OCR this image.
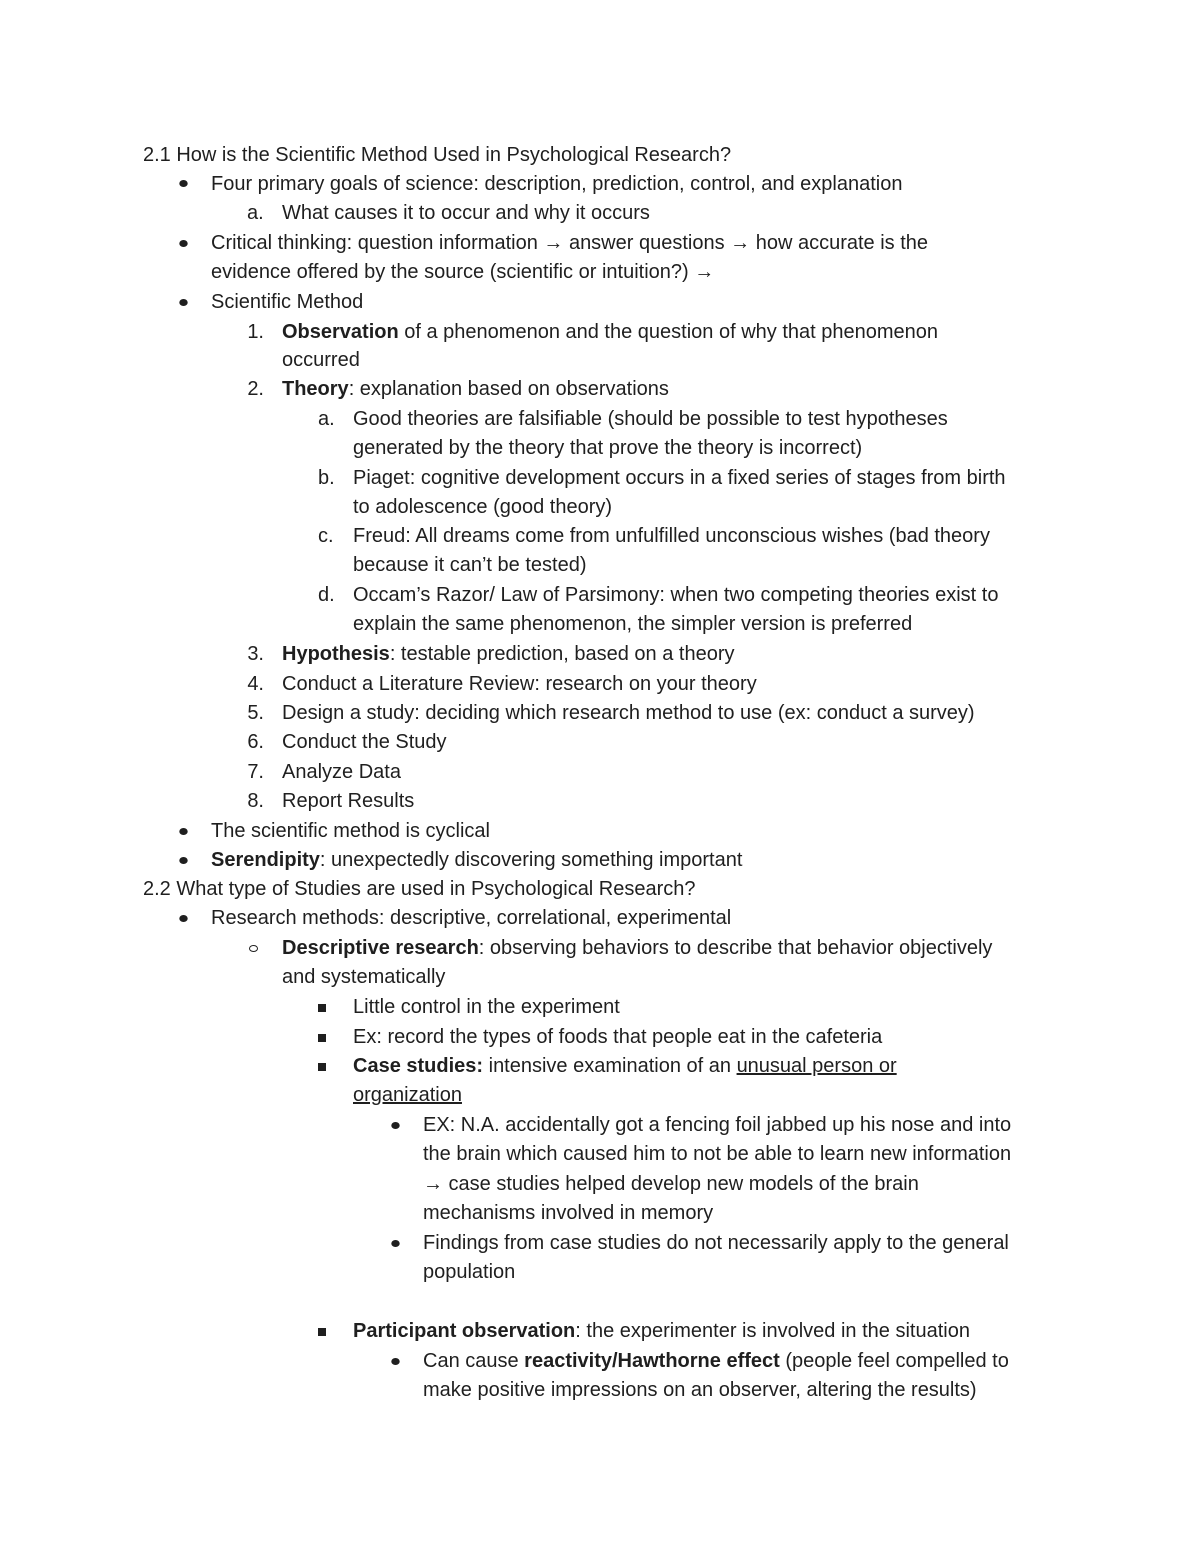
2.1 How is the Scientific Method Used in Psychological Research?
Four primary goals of science: description, prediction, control, and explanation
a. What causes it to occur and why it occurs
Critical thinking: question information → answer questions → how accurate is the
evidence offered by the source (scientific or intuition?) →
Scientific Method
1. Observation of a phenomenon and the question of why that phenomenon
occurred
2. Theory: explanation based on observations
a. Good theories are falsifiable (should be possible to test hypotheses
generated by the theory that prove the theory is incorrect)
b. Piaget: cognitive development occurs in a fixed series of stages from birth
to adolescence (good theory)
c. Freud: All dreams come from unfulfilled unconscious wishes (bad theory
because it can’t be tested)
d. Occam’s Razor/ Law of Parsimony: when two competing theories exist to
explain the same phenomenon, the simpler version is preferred
3. Hypothesis: testable prediction, based on a theory
4. Conduct a Literature Review: research on your theory
5. Design a study: deciding which research method to use (ex: conduct a survey)
6. Conduct the Study
7. Analyze Data
8. Report Results
The scientific method is cyclical
Serendipity: unexpectedly discovering something important
2.2 What type of Studies are used in Psychological Research?
Research methods: descriptive, correlational, experimental
Descriptive research: observing behaviors to describe that behavior objectively
and systematically
Little control in the experiment
Ex: record the types of foods that people eat in the cafeteria
Case studies: intensive examination of an unusual person or
organization
EX: N.A. accidentally got a fencing foil jabbed up his nose and into
the brain which caused him to not be able to learn new information
→ case studies helped develop new models of the brain
mechanisms involved in memory
Findings from case studies do not necessarily apply to the general
population
Participant observation: the experimenter is involved in the situation
Can cause reactivity/Hawthorne effect (people feel compelled to
make positive impressions on an observer, altering the results)
